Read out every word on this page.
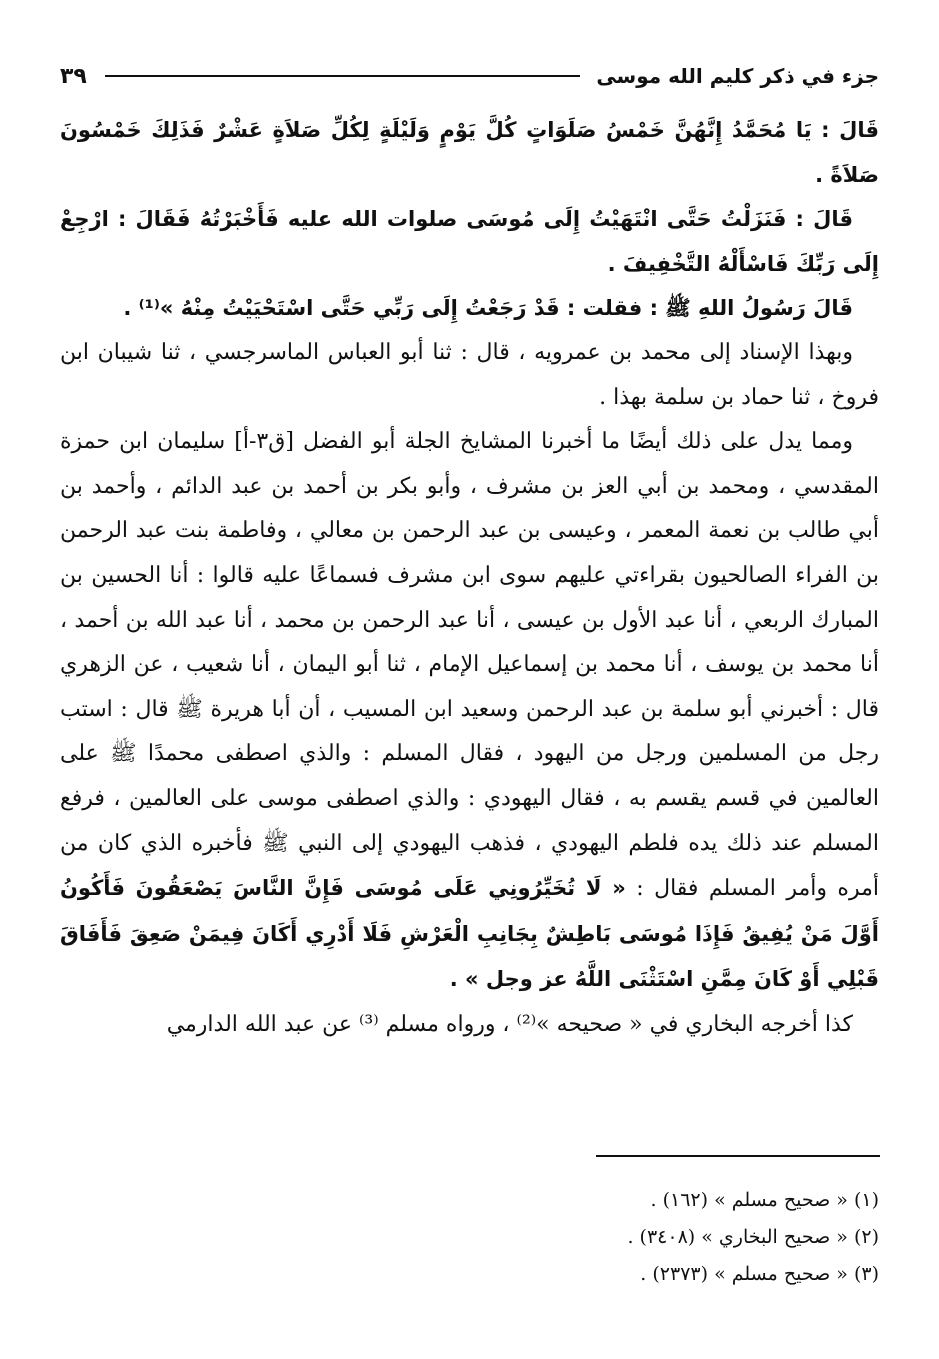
جزء في ذكر كليم الله موسى
٣٩

قَالَ : يَا مُحَمَّدُ إِنَّهُنَّ خَمْسُ صَلَوَاتٍ كُلَّ يَوْمٍ وَلَيْلَةٍ لِكُلِّ صَلاَةٍ عَشْرٌ فَذَلِكَ خَمْسُونَ صَلاَةً .

قَالَ : فَنَزَلْتُ حَتَّى انْتَهَيْتُ إِلَى مُوسَى صلوات الله عليه فَأَخْبَرْتُهُ فَقَالَ : ارْجِعْ إِلَى رَبِّكَ فَاسْأَلْهُ التَّخْفِيفَ .

قَالَ رَسُولُ اللهِ ﷺ : فقلت : قَدْ رَجَعْتُ إِلَى رَبِّي حَتَّى اسْتَحْيَيْتُ مِنْهُ »⁽¹⁾ .

وبهذا الإسناد إلى محمد بن عمرويه ، قال : ثنا أبو العباس الماسرجسي ، ثنا شيبان ابن فروخ ، ثنا حماد بن سلمة بهذا .

ومما يدل على ذلك أيضًا ما أخبرنا المشايخ الجلة أبو الفضل [ق٣-أ] سليمان ابن حمزة المقدسي ، ومحمد بن أبي العز بن مشرف ، وأبو بكر بن أحمد بن عبد الدائم ، وأحمد بن أبي طالب بن نعمة المعمر ، وعيسى بن عبد الرحمن بن معالي ، وفاطمة بنت عبد الرحمن بن الفراء الصالحيون بقراءتي عليهم سوى ابن مشرف فسماعًا عليه قالوا : أنا الحسين بن المبارك الربعي ، أنا عبد الأول بن عيسى ، أنا عبد الرحمن بن محمد ، أنا عبد الله بن أحمد ، أنا محمد بن يوسف ، أنا محمد بن إسماعيل الإمام ، ثنا أبو اليمان ، أنا شعيب ، عن الزهري قال : أخبرني أبو سلمة بن عبد الرحمن وسعيد ابن المسيب ، أن أبا هريرة ﷺ قال : استب رجل من المسلمين ورجل من اليهود ، فقال المسلم : والذي اصطفى محمدًا ﷺ على العالمين في قسم يقسم به ، فقال اليهودي : والذي اصطفى موسى على العالمين ، فرفع المسلم عند ذلك يده فلطم اليهودي ، فذهب اليهودي إلى النبي ﷺ فأخبره الذي كان من أمره وأمر المسلم فقال : « لَا تُخَيِّرُونِي عَلَى مُوسَى فَإِنَّ النَّاسَ يَصْعَقُونَ فَأَكُونُ أَوَّلَ مَنْ يُفِيقُ فَإِذَا مُوسَى بَاطِشٌ بِجَانِبِ الْعَرْشِ فَلَا أَدْرِي أَكَانَ فِيمَنْ صَعِقَ فَأَفَاقَ قَبْلِي أَوْ كَانَ مِمَّنِ اسْتَثْنَى اللَّهُ عز وجل » .

كذا أخرجه البخاري في « صحيحه »⁽²⁾ ، ورواه مسلم ⁽³⁾ عن عبد الله الدارمي

(١) « صحيح مسلم » (١٦٢) .
(٢) « صحيح البخاري » (٣٤٠٨) .
(٣) « صحيح مسلم » (٢٣٧٣) .
